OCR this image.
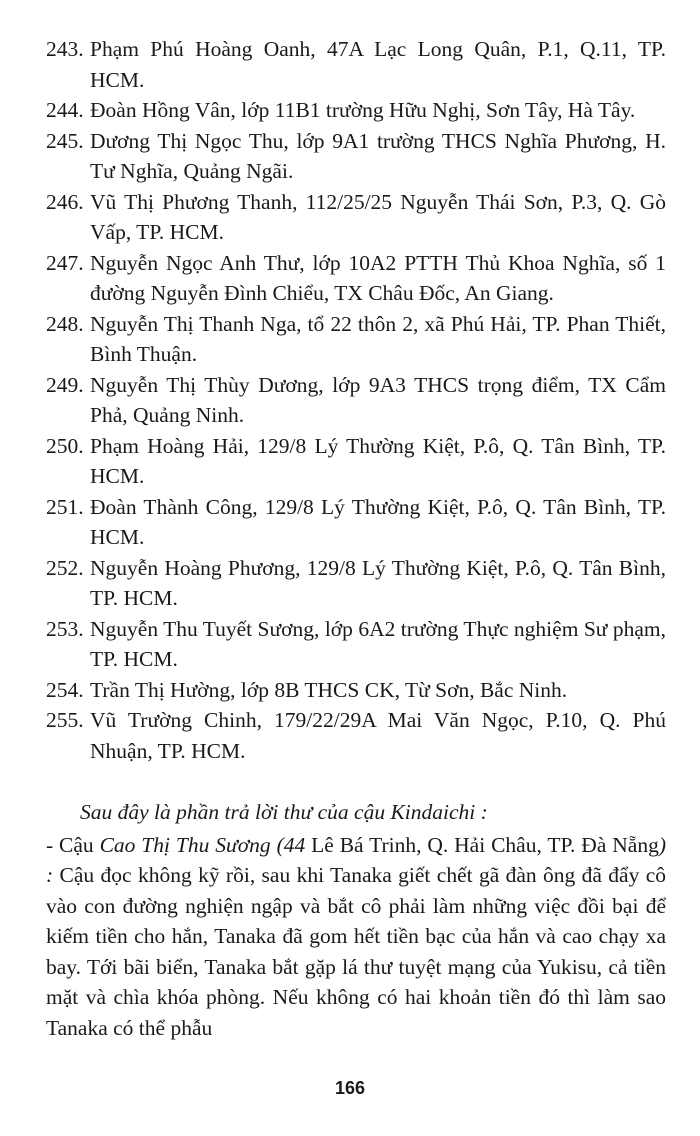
243. Phạm Phú Hoàng Oanh, 47A Lạc Long Quân, P.1, Q.11, TP. HCM.
244. Đoàn Hồng Vân, lớp 11B1 trường Hữu Nghị, Sơn Tây, Hà Tây.
245. Dương Thị Ngọc Thu, lớp 9A1 trường THCS Nghĩa Phương, H. Tư Nghĩa, Quảng Ngãi.
246. Vũ Thị Phương Thanh, 112/25/25 Nguyễn Thái Sơn, P.3, Q. Gò Vấp, TP. HCM.
247. Nguyễn Ngọc Anh Thư, lớp 10A2 PTTH Thủ Khoa Nghĩa, số 1 đường Nguyễn Đình Chiểu, TX Châu Đốc, An Giang.
248. Nguyễn Thị Thanh Nga, tổ 22 thôn 2, xã Phú Hải, TP. Phan Thiết, Bình Thuận.
249. Nguyễn Thị Thùy Dương, lớp 9A3 THCS trọng điểm, TX Cẩm Phả, Quảng Ninh.
250. Phạm Hoàng Hải, 129/8 Lý Thường Kiệt, P.ô, Q. Tân Bình, TP. HCM.
251. Đoàn Thành Công, 129/8 Lý Thường Kiệt, P.ô, Q. Tân Bình, TP. HCM.
252. Nguyễn Hoàng Phương, 129/8 Lý Thường Kiệt, P.ô, Q. Tân Bình, TP. HCM.
253. Nguyễn Thu Tuyết Sương, lớp 6A2 trường Thực nghiệm Sư phạm, TP. HCM.
254. Trần Thị Hường, lớp 8B THCS CK, Từ Sơn, Bắc Ninh.
255. Vũ Trường Chinh, 179/22/29A Mai Văn Ngọc, P.10, Q. Phú Nhuận, TP. HCM.

Sau đây là phần trả lời thư của cậu Kindaichi :

- Cậu Cao Thị Thu Sương (44 Lê Bá Trinh, Q. Hải Châu, TP. Đà Nẵng) : Cậu đọc không kỹ rồi, sau khi Tanaka giết chết gã đàn ông đã đẩy cô vào con đường nghiện ngập và bắt cô phải làm những việc đồi bại để kiếm tiền cho hắn, Tanaka đã gom hết tiền bạc của hắn và cao chạy xa bay. Tới bãi biển, Tanaka bắt gặp lá thư tuyệt mạng của Yukisu, cả tiền mặt và chìa khóa phòng. Nếu không có hai khoản tiền đó thì làm sao Tanaka có thể phẫu

166
